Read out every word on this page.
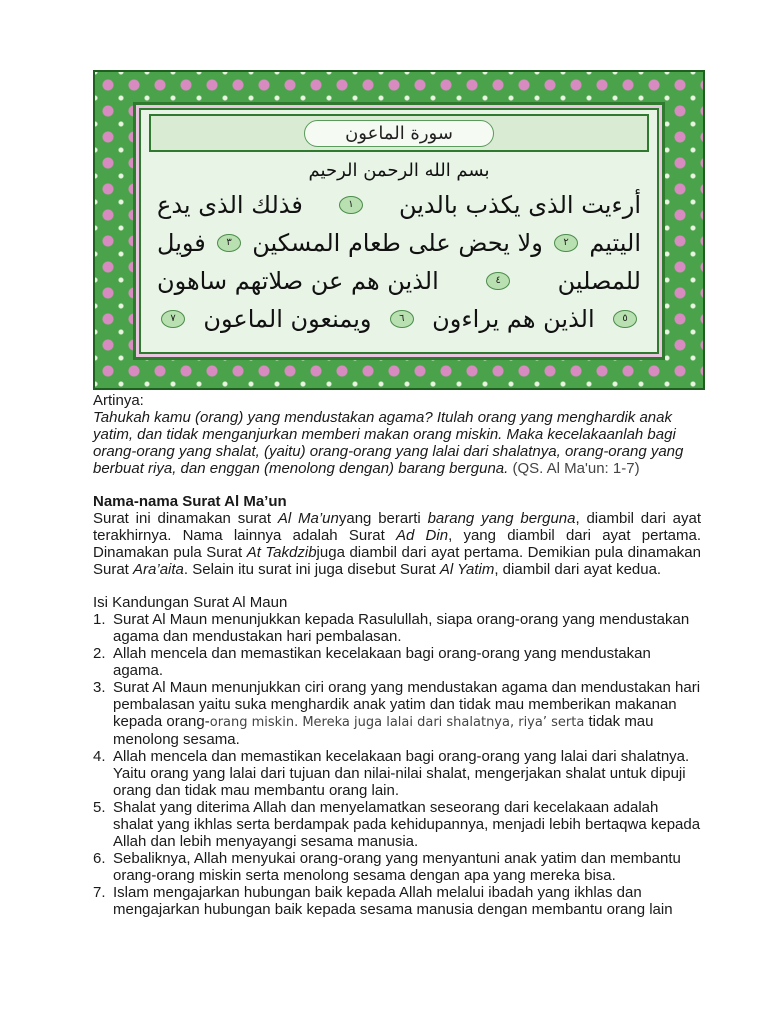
سورة الماعون
بسم الله الرحمن الرحيم
أرءيت الذى يكذب بالدين
١
فذلك الذى يدع
اليتيم
٢
ولا يحض على طعام المسكين
٣
فويل
للمصلين
٤
الذين هم عن صلاتهم ساهون
٥
الذين هم يراءون
٦
ويمنعون الماعون
٧

Artinya:

Tahukah kamu (orang) yang mendustakan agama? Itulah orang yang menghardik anak yatim, dan tidak menganjurkan memberi makan orang miskin. Maka kecelakaanlah bagi orang-orang yang shalat, (yaitu) orang-orang yang lalai dari shalatnya, orang-orang yang berbuat riya, dan enggan (menolong dengan) barang berguna. (QS. Al Ma'un: 1-7)

Nama-nama Surat Al Ma’un

Surat ini dinamakan surat Al Ma’unyang berarti barang yang berguna, diambil dari ayat terakhirnya. Nama lainnya adalah Surat Ad Din, yang diambil dari ayat pertama. Dinamakan pula Surat At Takdzibjuga diambil dari ayat pertama. Demikian pula dinamakan Surat Ara’aita. Selain itu surat ini juga disebut Surat Al Yatim, diambil dari ayat kedua.

Isi Kandungan Surat Al Maun

1. Surat Al Maun menunjukkan kepada Rasulullah, siapa orang-orang yang mendustakan agama dan mendustakan hari pembalasan.
2. Allah mencela dan memastikan kecelakaan bagi orang-orang yang mendustakan agama.
3. Surat Al Maun menunjukkan ciri orang yang mendustakan agama dan mendustakan hari pembalasan yaitu suka menghardik anak yatim dan tidak mau memberikan makanan kepada orang-orang miskin. Mereka juga lalai dari shalatnya, riya’ serta tidak mau menolong sesama.
4. Allah mencela dan memastikan kecelakaan bagi orang-orang yang lalai dari shalatnya. Yaitu orang yang lalai dari tujuan dan nilai-nilai shalat, mengerjakan shalat untuk dipuji orang dan tidak mau membantu orang lain.
5. Shalat yang diterima Allah dan menyelamatkan seseorang dari kecelakaan adalah shalat yang ikhlas serta berdampak pada kehidupannya, menjadi lebih bertaqwa kepada Allah dan lebih menyayangi sesama manusia.
6. Sebaliknya, Allah menyukai orang-orang yang menyantuni anak yatim dan membantu orang-orang miskin serta menolong sesama dengan apa yang mereka bisa.
7. Islam mengajarkan hubungan baik kepada Allah melalui ibadah yang ikhlas dan mengajarkan hubungan baik kepada sesama manusia dengan membantu orang lain
